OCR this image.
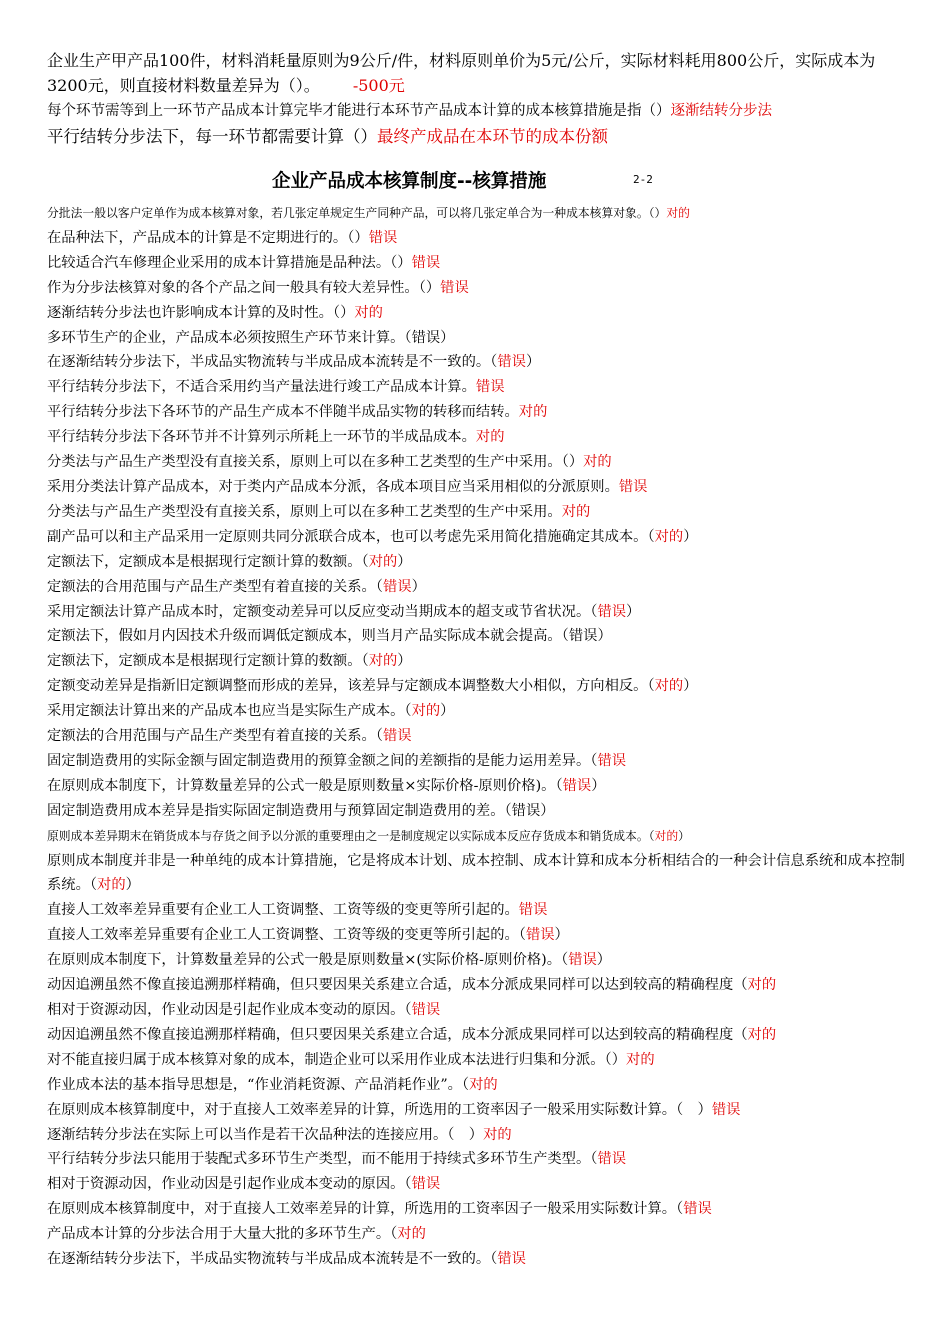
企业生产甲产品100件，材料消耗量原则为9公斤/件，材料原则单价为5元/公斤，实际材料耗用800公斤，实际成本为3200元，则直接材料数量差异为（）。 -500元
每个环节需等到上一环节产品成本计算完毕才能进行本环节产品成本计算的成本核算措施是指（）逐渐结转分步法
平行结转分步法下，每一环节都需要计算（）最终产成品在本环节的成本份额
企业产品成本核算制度--核算措施	2-2
分批法一般以客户定单作为成本核算对象，若几张定单规定生产同种产品，可以将几张定单合为一种成本核算对象。（）对的
在品种法下，产品成本的计算是不定期进行的。（）错误
比较适合汽车修理企业采用的成本计算措施是品种法。（）错误
作为分步法核算对象的各个产品之间一般具有较大差异性。（）错误
逐渐结转分步法也许影响成本计算的及时性。（）对的
多环节生产的企业，产品成本必须按照生产环节来计算。（错误）
在逐渐结转分步法下，半成品实物流转与半成品成本流转是不一致的。（错误）
平行结转分步法下，不适合采用约当产量法进行竣工产品成本计算。错误
平行结转分步法下各环节的产品生产成本不伴随半成品实物的转移而结转。对的
平行结转分步法下各环节并不计算列示所耗上一环节的半成品成本。对的
分类法与产品生产类型没有直接关系，原则上可以在多种工艺类型的生产中采用。（）对的
采用分类法计算产品成本，对于类内产品成本分派，各成本项目应当采用相似的分派原则。错误
分类法与产品生产类型没有直接关系，原则上可以在多种工艺类型的生产中采用。对的
副产品可以和主产品采用一定原则共同分派联合成本，也可以考虑先采用简化措施确定其成本。（对的）
定额法下，定额成本是根据现行定额计算的数额。（对的）
定额法的合用范围与产品生产类型有着直接的关系。（错误）
采用定额法计算产品成本时，定额变动差异可以反应变动当期成本的超支或节省状况。（错误）
定额法下，假如月内因技术升级而调低定额成本，则当月产品实际成本就会提高。（错误）
定额法下，定额成本是根据现行定额计算的数额。（对的）
定额变动差异是指新旧定额调整而形成的差异，该差异与定额成本调整数大小相似，方向相反。（对的）
采用定额法计算出来的产品成本也应当是实际生产成本。（对的）
定额法的合用范围与产品生产类型有着直接的关系。（错误
固定制造费用的实际金额与固定制造费用的预算金额之间的差额指的是能力运用差异。（错误
在原则成本制度下，计算数量差异的公式一般是原则数量×实际价格-原则价格)。（错误）
固定制造费用成本差异是指实际固定制造费用与预算固定制造费用的差。（错误）
原则成本差异期末在销货成本与存货之间予以分派的重要理由之一是制度规定以实际成本反应存货成本和销货成本。（对的）
原则成本制度并非是一种单纯的成本计算措施，它是将成本计划、成本控制、成本计算和成本分析相结合的一种会计信息系统和成本控制系统。（对的）
直接人工效率差异重要有企业工人工资调整、工资等级的变更等所引起的。错误
直接人工效率差异重要有企业工人工资调整、工资等级的变更等所引起的。（错误）
在原则成本制度下，计算数量差异的公式一般是原则数量×(实际价格-原则价格)。（错误）
动因追溯虽然不像直接追溯那样精确，但只要因果关系建立合适，成本分派成果同样可以达到较高的精确程度（对的
相对于资源动因，作业动因是引起作业成本变动的原因。（错误
动因追溯虽然不像直接追溯那样精确，但只要因果关系建立合适，成本分派成果同样可以达到较高的精确程度（对的
对不能直接归属于成本核算对象的成本，制造企业可以采用作业成本法进行归集和分派。（）对的
作业成本法的基本指导思想是，“作业消耗资源、产品消耗作业”。（对的
在原则成本核算制度中，对于直接人工效率差异的计算，所选用的工资率因子一般采用实际数计算。（　）错误
逐渐结转分步法在实际上可以当作是若干次品种法的连接应用。（　）对的
平行结转分步法只能用于装配式多环节生产类型，而不能用于持续式多环节生产类型。（错误
相对于资源动因，作业动因是引起作业成本变动的原因。（错误
在原则成本核算制度中，对于直接人工效率差异的计算，所选用的工资率因子一般采用实际数计算。（错误
产品成本计算的分步法合用于大量大批的多环节生产。（对的
在逐渐结转分步法下，半成品实物流转与半成品成本流转是不一致的。（错误
